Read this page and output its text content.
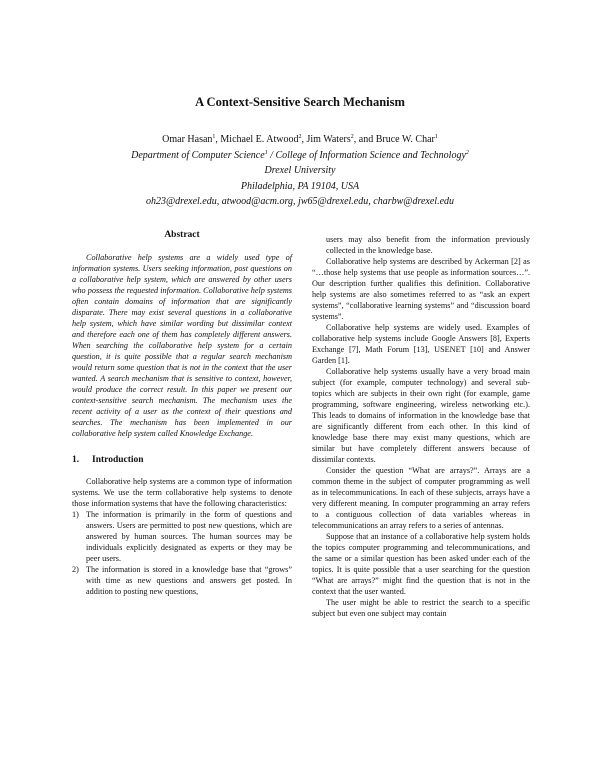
A Context-Sensitive Search Mechanism
Omar Hasan$^1$, Michael E. Atwood$^2$, Jim Waters$^2$, and Bruce W. Char$^1$
Department of Computer Science$^1$ / College of Information Science and Technology$^2$
Drexel University
Philadelphia, PA 19104, USA
oh23@drexel.edu, atwood@acm.org, jw65@drexel.edu, charbw@drexel.edu
Abstract

Collaborative help systems are a widely used type of information systems. Users seeking information, post questions on a collaborative help system, which are answered by other users who possess the requested information. Collaborative help systems often contain domains of information that are significantly disparate. There may exist several questions in a collaborative help system, which have similar wording but dissimilar context and therefore each one of them has completely different answers. When searching the collaborative help system for a certain question, it is quite possible that a regular search mechanism would return some question that is not in the context that the user wanted. A search mechanism that is sensitive to context, however, would produce the correct result. In this paper we present our context-sensitive search mechanism. The mechanism uses the recent activity of a user as the context of their questions and searches. The mechanism has been implemented in our collaborative help system called Knowledge Exchange.

1. Introduction

Collaborative help systems are a common type of information systems. We use the term collaborative help systems to denote those information systems that have the following characteristics:

1) The information is primarily in the form of questions and answers. Users are permitted to post new questions, which are answered by human sources. The human sources may be individuals explicitly designated as experts or they may be peer users.
2) The information is stored in a knowledge base that “grows” with time as new questions and answers get posted. In addition to posting new questions,

users may also benefit from the information previously collected in the knowledge base.

Collaborative help systems are described by Ackerman [2] as “…those help systems that use people as information sources…”. Our description further qualifies this definition. Collaborative help systems are also sometimes referred to as “ask an expert systems”, “collaborative learning systems” and “discussion board systems”.

Collaborative help systems are widely used. Examples of collaborative help systems include Google Answers [8], Experts Exchange [7], Math Forum [13], USENET [10] and Answer Garden [1].

Collaborative help systems usually have a very broad main subject (for example, computer technology) and several sub-topics which are subjects in their own right (for example, game programming, software engineering, wireless networking etc.). This leads to domains of information in the knowledge base that are significantly different from each other. In this kind of knowledge base there may exist many questions, which are similar but have completely different answers because of dissimilar contexts.

Consider the question “What are arrays?”. Arrays are a common theme in the subject of computer programming as well as in telecommunications. In each of these subjects, arrays have a very different meaning. In computer programming an array refers to a contiguous collection of data variables whereas in telecommunications an array refers to a series of antennas.

Suppose that an instance of a collaborative help system holds the topics computer programming and telecommunications, and the same or a similar question has been asked under each of the topics. It is quite possible that a user searching for the question “What are arrays?” might find the question that is not in the context that the user wanted.

The user might be able to restrict the search to a specific subject but even one subject may contain
